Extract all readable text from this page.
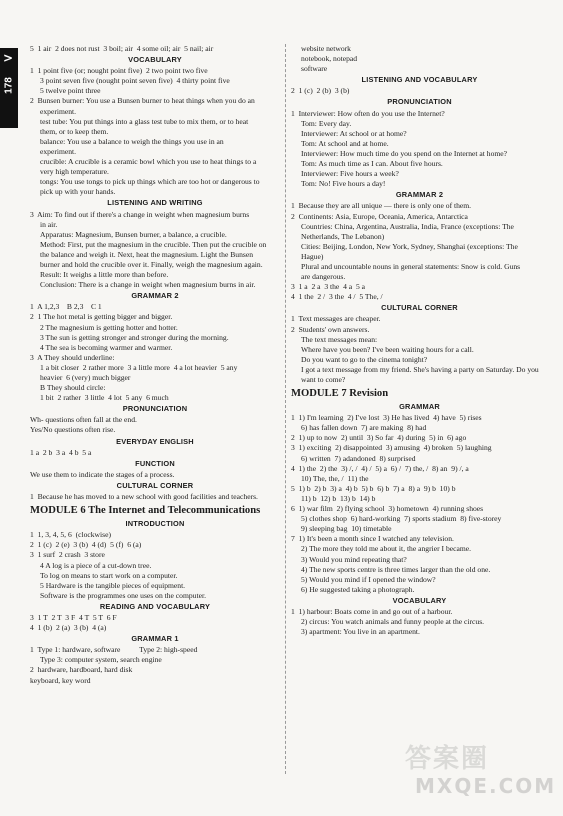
>
178
5  1 air  2 does not rust  3 boil; air  4 some oil; air  5 nail; air
VOCABULARY
1  1 point five (or; nought point five)  2 two point two five
3 point seven five (nought point seven five)  4 thirty point five
5 twelve point three
2  Bunsen burner: You use a Bunsen burner to heat things when you do an
experiment.
test tube: You put things into a glass test tube to mix them, or to heat
them, or to keep them.
balance: You use a balance to weigh the things you use in an
experiment.
crucible: A crucible is a ceramic bowl which you use to heat things to a
very high temperature.
tongs: You use tongs to pick up things which are too hot or dangerous to
pick up with your hands.
LISTENING AND WRITING
3  Aim: To find out if there's a change in weight when magnesium burns
in air.
Apparatus: Magnesium, Bunsen burner, a balance, a crucible.
Method: First, put the magnesium in the crucible. Then put the crucible on
the balance and weigh it. Next, heat the magnesium. Light the Bunsen
burner and hold the crucible over it. Finally, weigh the magnesium again.
Result: It weighs a little more than before.
Conclusion: There is a change in weight when magnesium burns in air.
GRAMMAR 2
1  A 1,2,3    B 2,3    C 1
2  1 The hot metal is getting bigger and bigger.
2 The magnesium is getting hotter and hotter.
3 The sun is getting stronger and stronger during the morning.
4 The sea is becoming warmer and warmer.
3  A They should underline:
1 a bit closer  2 rather more  3 a little more  4 a lot heavier  5 any
heavier  6 (very) much bigger
B They should circle:
1 bit  2 rather  3 little  4 lot  5 any  6 much
PRONUNCIATION
Wh- questions often fall at the end.
Yes/No questions often rise.
EVERYDAY ENGLISH
1 a  2 b  3 a  4 b  5 a
FUNCTION
We use them to indicate the stages of a process.
CULTURAL CORNER
1  Because he has moved to a new school with good facilities and teachers.
MODULE 6 The Internet and Telecommunications
INTRODUCTION
1  1, 3, 4, 5, 6  (clockwise)
2  1 (c)  2 (e)  3 (b)  4 (d)  5 (f)  6 (a)
3  1 surf  2 crash  3 store
4 A log is a piece of a cut-down tree.
To log on means to start work on a computer.
5 Hardware is the tangible pieces of equipment.
Software is the programmes one uses on the computer.
READING AND VOCABULARY
3  1 T  2 T  3 F  4 T  5 T  6 F
4  1 (b)  2 (a)  3 (b)  4 (a)
GRAMMAR 1
1  Type 1: hardware, software          Type 2: high-speed
Type 3: computer system, search engine
2  hardware, hardboard, hard disk
keyboard, key word
website network
notebook, notepad
software
LISTENING AND VOCABULARY
2  1 (c)  2 (b)  3 (b)
PRONUNCIATION
1  Interviewer: How often do you use the Internet?
Tom: Every day.
Interviewer: At school or at home?
Tom: At school and at home.
Interviewer: How much time do you spend on the Internet at home?
Tom: As much time as I can. About five hours.
Interviewer: Five hours a week?
Tom: No! Five hours a day!
GRAMMAR 2
1  Because they are all unique — there is only one of them.
2  Continents: Asia, Europe, Oceania, America, Antarctica
Countries: China, Argentina, Australia, India, France (exceptions: The
Netherlands, The Lebanon)
Cities: Beijing, London, New York, Sydney, Shanghai (exceptions: The
Hague)
Plural and uncountable nouns in general statements: Snow is cold. Guns
are dangerous.
3  1 a  2 a  3 the  4 a  5 a
4  1 the  2 /  3 the  4 /  5 The, /
CULTURAL CORNER
1  Text messages are cheaper.
2  Students' own answers.
The text messages mean:
Where have you been? I've been waiting hours for a call.
Do you want to go to the cinema tonight?
I got a text message from my friend. She's having a party on Saturday. Do you
want to come?
MODULE 7 Revision
GRAMMAR
1  1) I'm learning  2) I've lost  3) He has lived  4) have  5) rises
6) has fallen down  7) are making  8) had
2  1) up to now  2) until  3) So far  4) during  5) in  6) ago
3  1) exciting  2) disappointed  3) amusing  4) broken  5) laughing
6) written  7) adandoned  8) surprised
4  1) the  2) the  3) /, /  4) /  5) a  6) /  7) the, /  8) an  9) /, a
10) The, the, /  11) the
5  1) b  2) b  3) a  4) b  5) b  6) b  7) a  8) a  9) b  10) b
11) b  12) b  13) b  14) b
6  1) war film  2) flying school  3) hometown  4) running shoes
5) clothes shop  6) hard-working  7) sports stadium  8) five-storey
9) sleeping bag  10) timetable
7  1) It's been a month since I watched any television.
2) The more they told me about it, the angrier I became.
3) Would you mind repeating that?
4) The new sports centre is three times larger than the old one.
5) Would you mind if I opened the window?
6) He suggested taking a photograph.
VOCABULARY
1  1) harbour: Boats come in and go out of a harbour.
2) circus: You watch animals and funny people at the circus.
3) apartment: You live in an apartment.
答案圈
MXQE.COM
